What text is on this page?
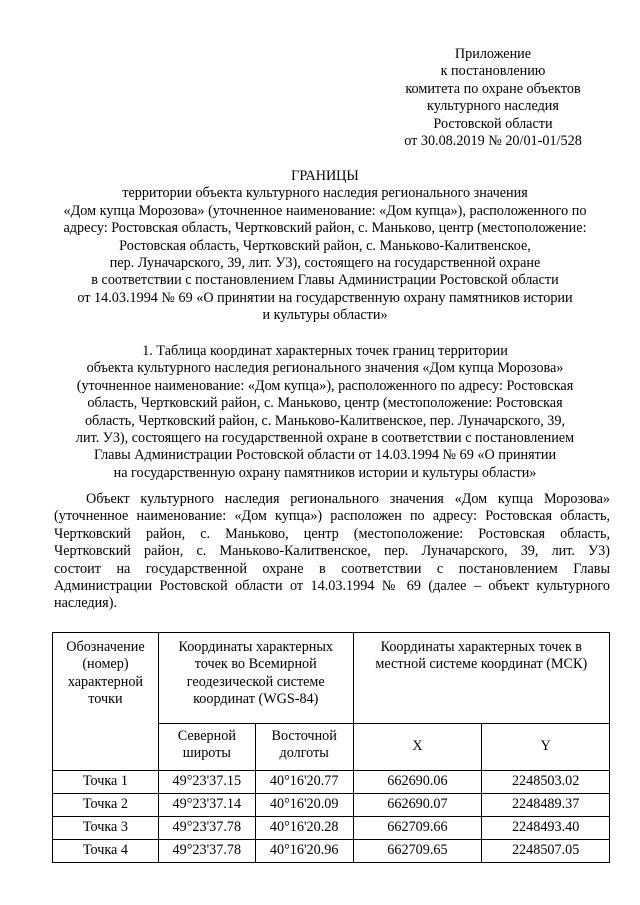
Приложение
к постановлению
комитета по охране объектов
культурного наследия
Ростовской области
от 30.08.2019 № 20/01-01/528
ГРАНИЦЫ
территории объекта культурного наследия регионального значения
«Дом купца Морозова» (уточненное наименование: «Дом купца»), расположенного по
адресу: Ростовская область, Чертковский район, с. Маньково, центр (местоположение:
Ростовская область, Чертковский район, с. Маньково-Калитвенское,
пер. Луначарского, 39, лит. У3), состоящего на государственной охране
в соответствии с постановлением Главы Администрации Ростовской области
от 14.03.1994 № 69 «О принятии на государственную охрану памятников истории
и культуры области»
1. Таблица координат характерных точек границ территории
объекта культурного наследия регионального значения «Дом купца Морозова»
(уточненное наименование: «Дом купца»), расположенного по адресу: Ростовская
область, Чертковский район, с. Маньково, центр (местоположение: Ростовская
область, Чертковский район, с. Маньково-Калитвенское, пер. Луначарского, 39,
лит. У3), состоящего на государственной охране в соответствии с постановлением
Главы Администрации Ростовской области от 14.03.1994 № 69 «О принятии
на государственную охрану памятников истории и культуры области»
Объект культурного наследия регионального значения «Дом купца Морозова»
(уточненное наименование: «Дом купца») расположен по адресу: Ростовская область,
Чертковский район, с. Маньково, центр (местоположение: Ростовская область,
Чертковский район, с. Маньково-Калитвенское, пер. Луначарского, 39, лит. У3)
состоит на государственной охране в соответствии с постановлением Главы
Администрации Ростовской области от 14.03.1994 № 69 (далее – объект культурного
наследия).
Обозначение (номер) характерной точки	Координаты характерных точек во Всемирной геодезической системе координат (WGS-84)		Координаты характерных точек в местной системе координат (МСК)	
	Северной широты	Восточной долготы	X	Y
Точка 1	49°23'37.15	40°16'20.77	662690.06	2248503.02
Точка 2	49°23'37.14	40°16'20.09	662690.07	2248489.37
Точка 3	49°23'37.78	40°16'20.28	662709.66	2248493.40
Точка 4	49°23'37.78	40°16'20.96	662709.65	2248507.05
